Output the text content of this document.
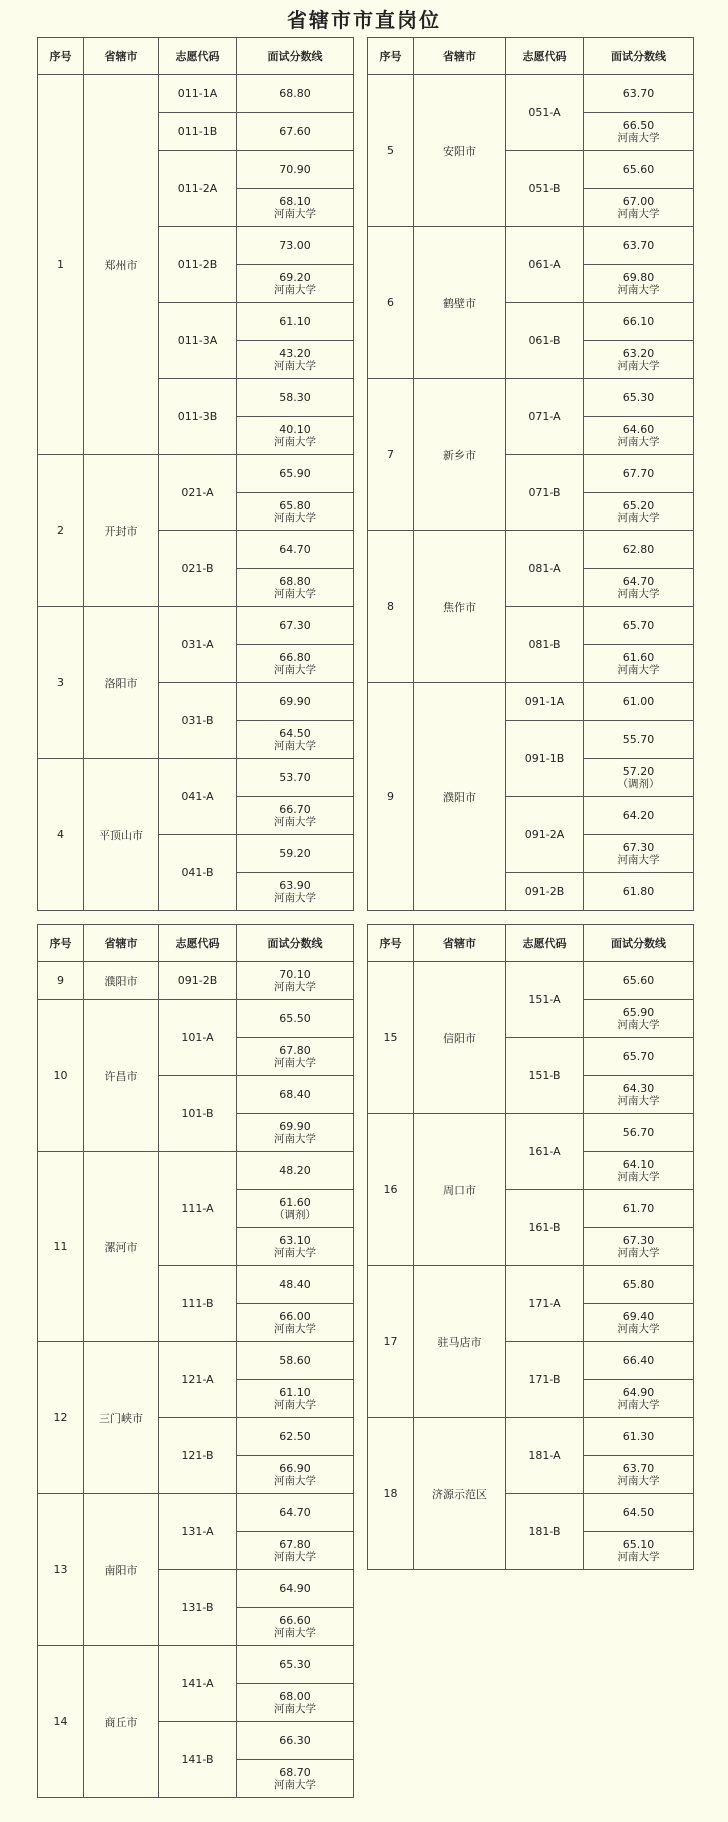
省辖市市直岗位
序号	省辖市	志愿代码	面试分数线
1	郑州市	011-1A	68.80

		011-1B	67.60

		011-2A	70.90

			68.10
河南大学

		011-2B	73.00

			69.20
河南大学

		011-3A	61.10

			43.20
河南大学

		011-3B	58.30

			40.10
河南大学

2	开封市	021-A	65.90

			65.80
河南大学

		021-B	64.70

			68.80
河南大学

3	洛阳市	031-A	67.30

			66.80
河南大学

		031-B	69.90

			64.50
河南大学

4	平顶山市	041-A	53.70

			66.70
河南大学

		041-B	59.20

			63.90
河南大学
序号	省辖市	志愿代码	面试分数线
5	安阳市	051-A	63.70

			66.50
河南大学

		051-B	65.60

			67.00
河南大学

6	鹤壁市	061-A	63.70

			69.80
河南大学

		061-B	66.10

			63.20
河南大学

7	新乡市	071-A	65.30

			64.60
河南大学

		071-B	67.70

			65.20
河南大学

8	焦作市	081-A	62.80

			64.70
河南大学

		081-B	65.70

			61.60
河南大学

9	濮阳市	091-1A	61.00

		091-1B	55.70

			57.20
（调剂）

		091-2A	64.20

			67.30
河南大学

		091-2B	61.80
序号	省辖市	志愿代码	面试分数线
9	濮阳市	091-2B	70.10
河南大学

10	许昌市	101-A	65.50

			67.80
河南大学

		101-B	68.40

			69.90
河南大学

11	漯河市	111-A	48.20

			61.60
（调剂）

			63.10
河南大学

		111-B	48.40

			66.00
河南大学

12	三门峡市	121-A	58.60

			61.10
河南大学

		121-B	62.50

			66.90
河南大学

13	南阳市	131-A	64.70

			67.80
河南大学

		131-B	64.90

			66.60
河南大学

14	商丘市	141-A	65.30

			68.00
河南大学

		141-B	66.30

			68.70
河南大学
序号	省辖市	志愿代码	面试分数线
15	信阳市	151-A	65.60

			65.90
河南大学

		151-B	65.70

			64.30
河南大学

16	周口市	161-A	56.70

			64.10
河南大学

		161-B	61.70

			67.30
河南大学

17	驻马店市	171-A	65.80

			69.40
河南大学

		171-B	66.40

			64.90
河南大学

18	济源示范区	181-A	61.30

			63.70
河南大学

		181-B	64.50

			65.10
河南大学
